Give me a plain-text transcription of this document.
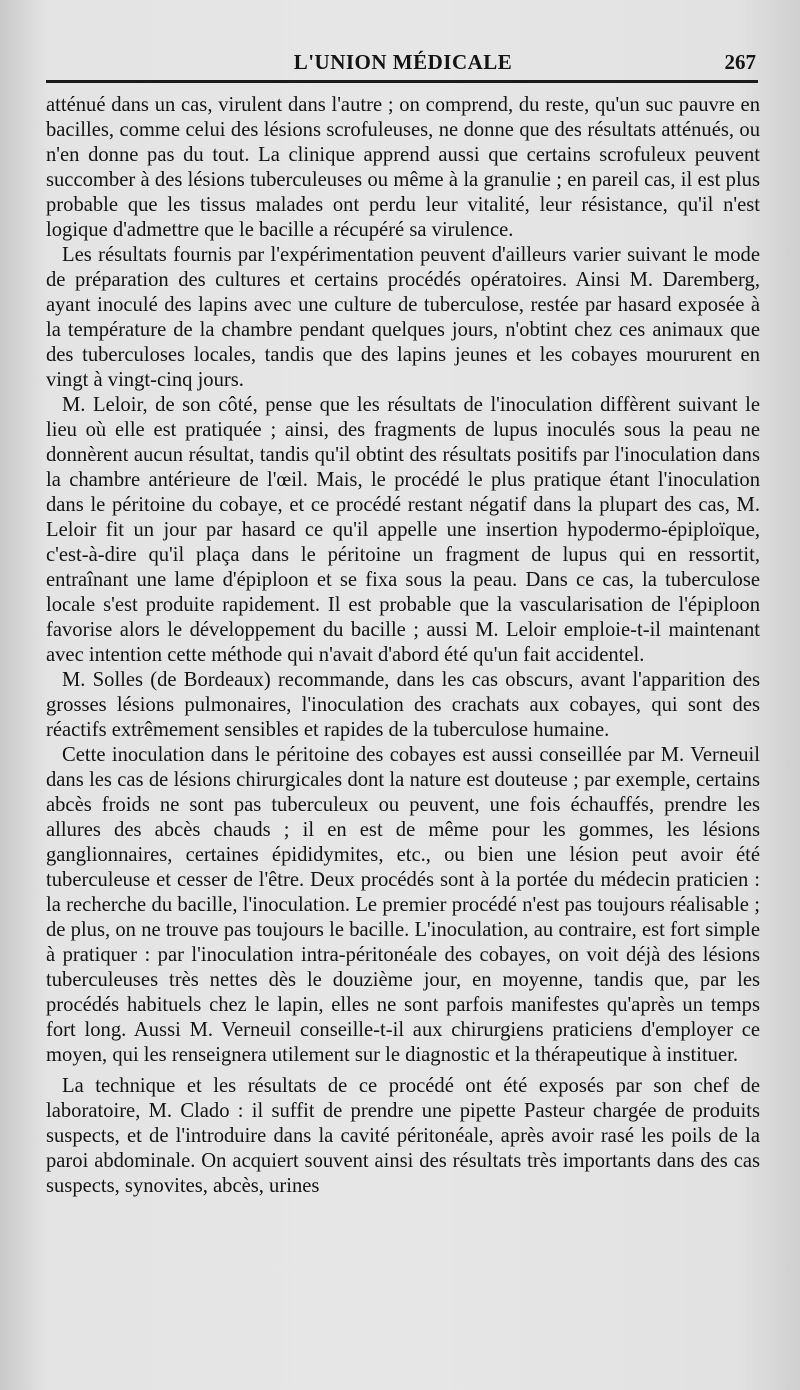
L'UNION MÉDICALE	267

atténué dans un cas, virulent dans l'autre ; on comprend, du reste, qu'un suc pauvre en bacilles, comme celui des lésions scrofuleuses, ne donne que des résultats atténués, ou n'en donne pas du tout. La clinique apprend aussi que certains scrofuleux peuvent succomber à des lésions tuberculeuses ou même à la granulie ; en pareil cas, il est plus probable que les tissus malades ont perdu leur vitalité, leur résistance, qu'il n'est logique d'admettre que le bacille a récupéré sa virulence.

Les résultats fournis par l'expérimentation peuvent d'ailleurs varier suivant le mode de préparation des cultures et certains procédés opératoires. Ainsi M. Daremberg, ayant inoculé des lapins avec une culture de tuberculose, restée par hasard exposée à la température de la chambre pendant quelques jours, n'obtint chez ces animaux que des tuberculoses locales, tandis que des lapins jeunes et les cobayes moururent en vingt à vingt-cinq jours.

M. Leloir, de son côté, pense que les résultats de l'inoculation diffèrent suivant le lieu où elle est pratiquée ; ainsi, des fragments de lupus inoculés sous la peau ne donnèrent aucun résultat, tandis qu'il obtint des résultats positifs par l'inoculation dans la chambre antérieure de l'œil. Mais, le procédé le plus pratique étant l'inoculation dans le péritoine du cobaye, et ce procédé restant négatif dans la plupart des cas, M. Leloir fit un jour par hasard ce qu'il appelle une insertion hypodermo-épiploïque, c'est-à-dire qu'il plaça dans le péritoine un fragment de lupus qui en ressortit, entraînant une lame d'épiploon et se fixa sous la peau. Dans ce cas, la tuberculose locale s'est produite rapidement. Il est probable que la vascularisation de l'épiploon favorise alors le développement du bacille ; aussi M. Leloir emploie-t-il maintenant avec intention cette méthode qui n'avait d'abord été qu'un fait accidentel.

M. Solles (de Bordeaux) recommande, dans les cas obscurs, avant l'apparition des grosses lésions pulmonaires, l'inoculation des crachats aux cobayes, qui sont des réactifs extrêmement sensibles et rapides de la tuberculose humaine.

Cette inoculation dans le péritoine des cobayes est aussi conseillée par M. Verneuil dans les cas de lésions chirurgicales dont la nature est douteuse ; par exemple, certains abcès froids ne sont pas tuberculeux ou peuvent, une fois échauffés, prendre les allures des abcès chauds ; il en est de même pour les gommes, les lésions ganglionnaires, certaines épididymites, etc., ou bien une lésion peut avoir été tuberculeuse et cesser de l'être. Deux procédés sont à la portée du médecin praticien : la recherche du bacille, l'inoculation. Le premier procédé n'est pas toujours réalisable ; de plus, on ne trouve pas toujours le bacille. L'inoculation, au contraire, est fort simple à pratiquer : par l'inoculation intra-péritonéale des cobayes, on voit déjà des lésions tuberculeuses très nettes dès le douzième jour, en moyenne, tandis que, par les procédés habituels chez le lapin, elles ne sont parfois manifestes qu'après un temps fort long. Aussi M. Verneuil conseille-t-il aux chirurgiens praticiens d'employer ce moyen, qui les renseignera utilement sur le diagnostic et la thérapeutique à instituer.

La technique et les résultats de ce procédé ont été exposés par son chef de laboratoire, M. Clado : il suffit de prendre une pipette Pasteur chargée de produits suspects, et de l'introduire dans la cavité péritonéale, après avoir rasé les poils de la paroi abdominale. On acquiert souvent ainsi des résultats très importants dans des cas suspects, synovites, abcès, urines
